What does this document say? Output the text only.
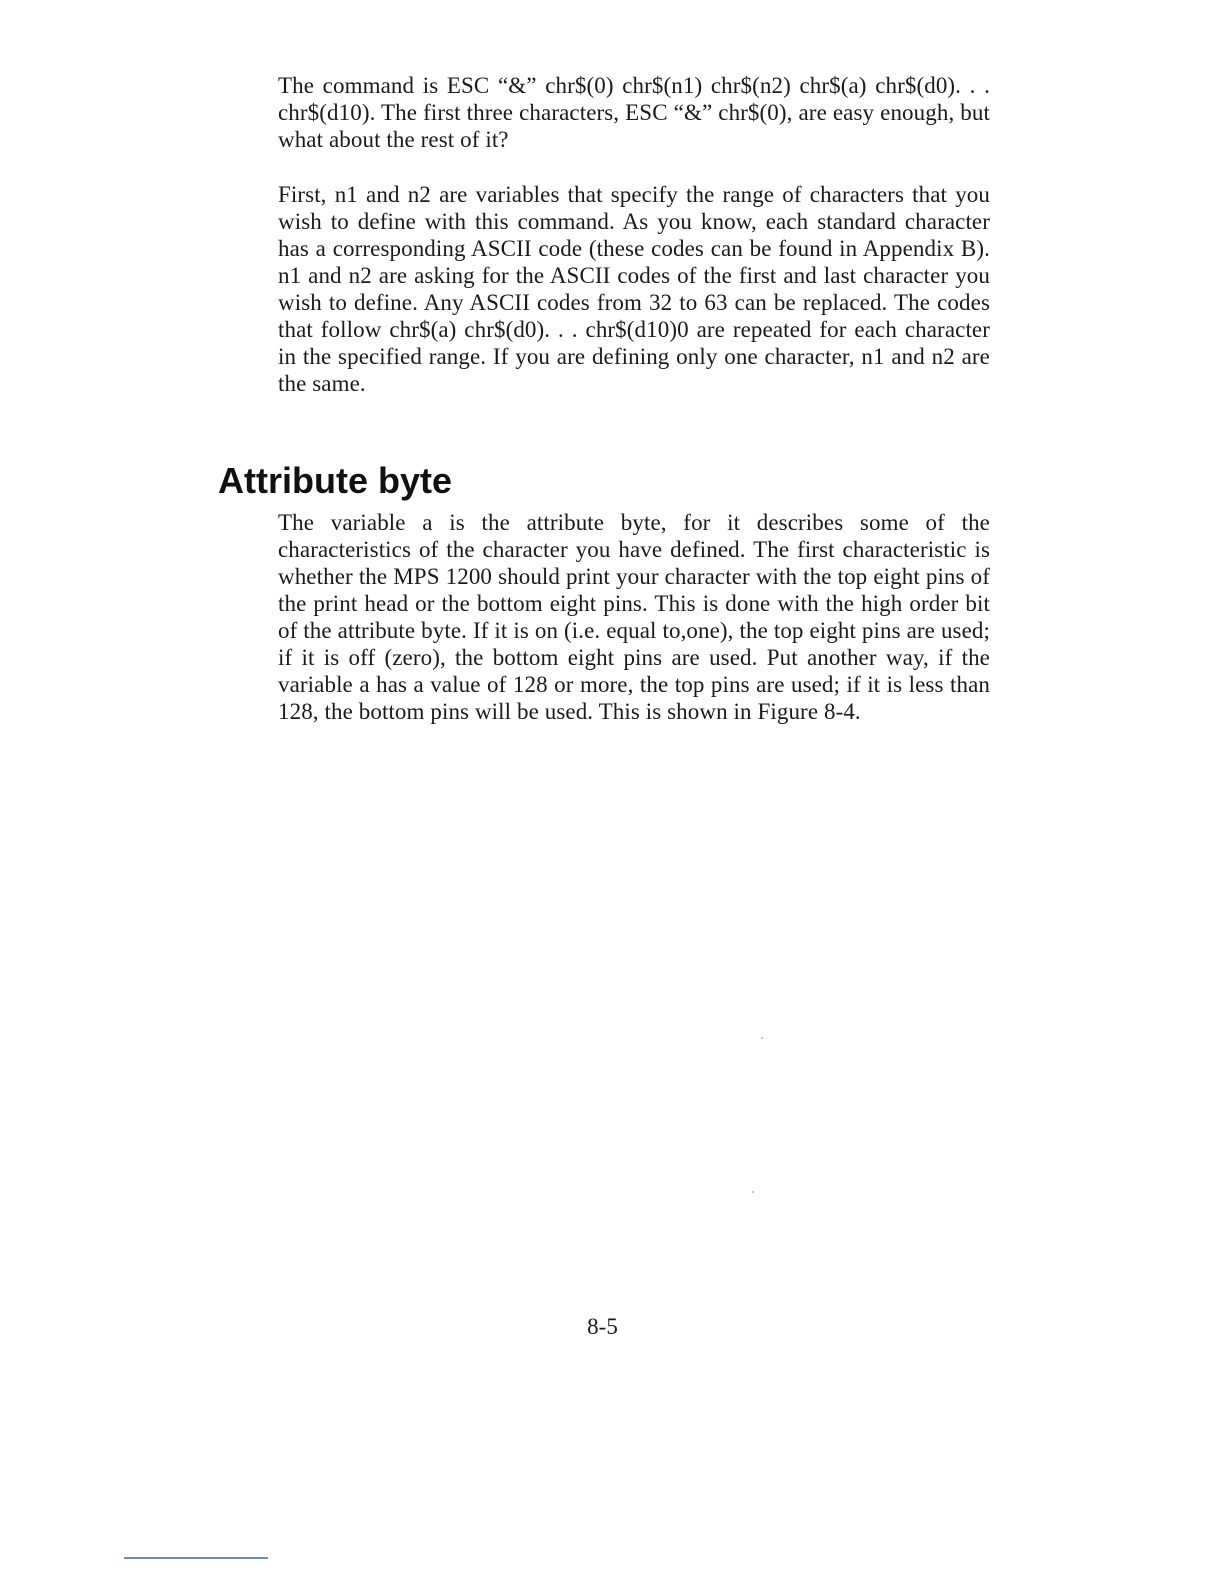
The command is ESC “&” chr$(0) chr$(n1) chr$(n2) chr$(a) chr$(d0). . . chr$(d10). The first three characters, ESC “&” chr$(0), are easy enough, but what about the rest of it?

First, n1 and n2 are variables that specify the range of characters that you wish to define with this command. As you know, each standard character has a corresponding ASCII code (these codes can be found in Appendix B). n1 and n2 are asking for the ASCII codes of the first and last character you wish to define. Any ASCII codes from 32 to 63 can be replaced. The codes that follow chr$(a) chr$(d0). . . chr$(d10)0 are repeated for each character in the specified range. If you are defining only one character, n1 and n2 are the same.

Attribute byte

The variable a is the attribute byte, for it describes some of the characteristics of the character you have defined. The first characteristic is whether the MPS 1200 should print your character with the top eight pins of the print head or the bottom eight pins. This is done with the high order bit of the attribute byte. If it is on (i.e. equal to,one), the top eight pins are used; if it is off (zero), the bottom eight pins are used. Put another way, if the variable a has a value of 128 or more, the top pins are used; if it is less than 128, the bottom pins will be used. This is shown in Figure 8-4.

8-5
